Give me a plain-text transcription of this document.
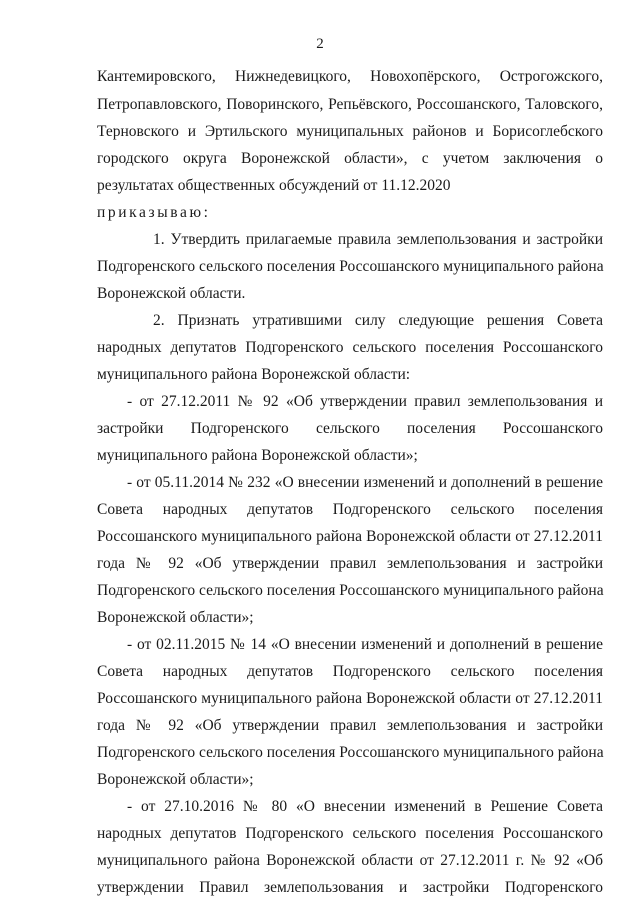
2
Кантемировского, Нижнедевицкого, Новохопёрского, Острогожского,
Петропавловского, Поворинского, Репьёвского, Россошанского, Таловского,
Терновского и Эртильского муниципальных районов и Борисоглебского
городского округа Воронежской области», с учетом заключения о
результатах общественных обсуждений от 11.12.2020
приказываю:
1. Утвердить прилагаемые правила землепользования и застройки
Подгоренского сельского поселения Россошанского муниципального района
Воронежской области.
2. Признать утратившими силу следующие решения Совета
народных депутатов Подгоренского сельского поселения Россошанского
муниципального района Воронежской области:
- от 27.12.2011 № 92 «Об утверждении правил землепользования и
застройки Подгоренского сельского поселения Россошанского
муниципального района Воронежской области»;
- от 05.11.2014 № 232 «О внесении изменений и дополнений в решение
Совета народных депутатов Подгоренского сельского поселения
Россошанского муниципального района Воронежской области от 27.12.2011
года № 92 «Об утверждении правил землепользования и застройки
Подгоренского сельского поселения Россошанского муниципального района
Воронежской области»;
- от 02.11.2015 № 14 «О внесении изменений и дополнений в решение
Совета народных депутатов Подгоренского сельского поселения
Россошанского муниципального района Воронежской области от 27.12.2011
года № 92 «Об утверждении правил землепользования и застройки
Подгоренского сельского поселения Россошанского муниципального района
Воронежской области»;
- от 27.10.2016 № 80 «О внесении изменений в Решение Совета
народных депутатов Подгоренского сельского поселения Россошанского
муниципального района Воронежской области от 27.12.2011 г. № 92 «Об
утверждении Правил землепользования и застройки Подгоренского
